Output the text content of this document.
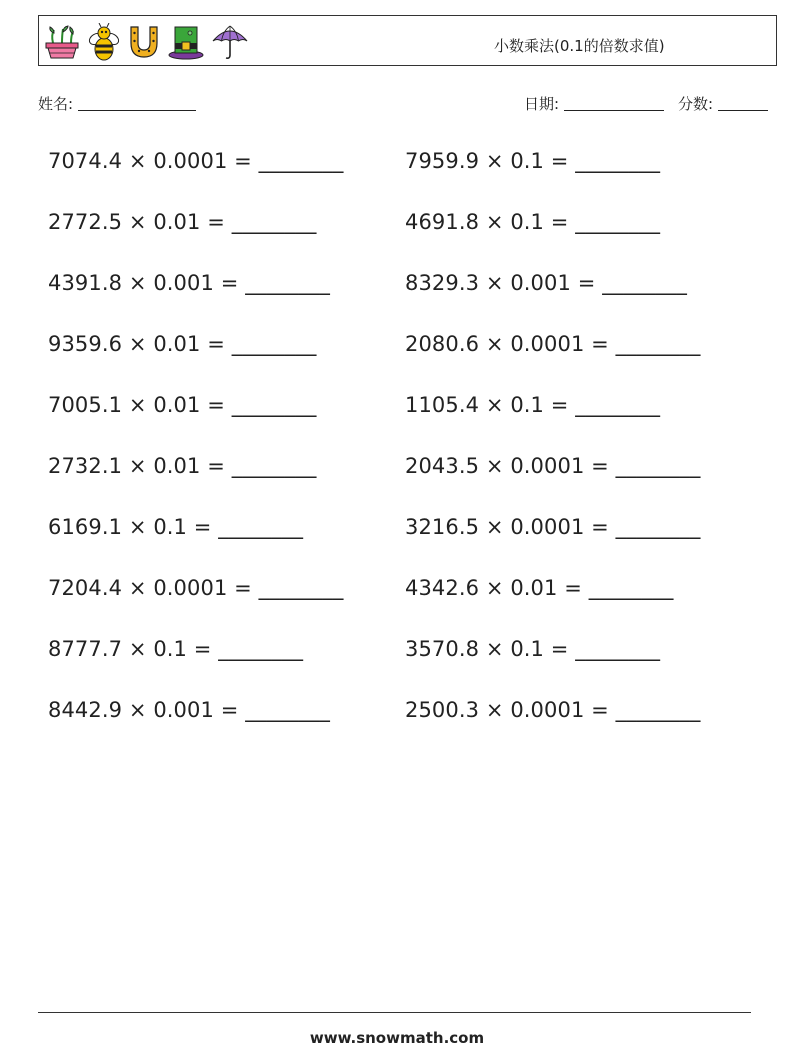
小数乘法(0.1的倍数求值)
姓名:	日期:	分数:
7074.4 × 0.0001 = ________	7959.9 × 0.1 = ________
2772.5 × 0.01 = ________	4691.8 × 0.1 = ________
4391.8 × 0.001 = ________	8329.3 × 0.001 = ________
9359.6 × 0.01 = ________	2080.6 × 0.0001 = ________
7005.1 × 0.01 = ________	1105.4 × 0.1 = ________
2732.1 × 0.01 = ________	2043.5 × 0.0001 = ________
6169.1 × 0.1 = ________	3216.5 × 0.0001 = ________
7204.4 × 0.0001 = ________	4342.6 × 0.01 = ________
8777.7 × 0.1 = ________	3570.8 × 0.1 = ________
8442.9 × 0.001 = ________	2500.3 × 0.0001 = ________
www.snowmath.com
